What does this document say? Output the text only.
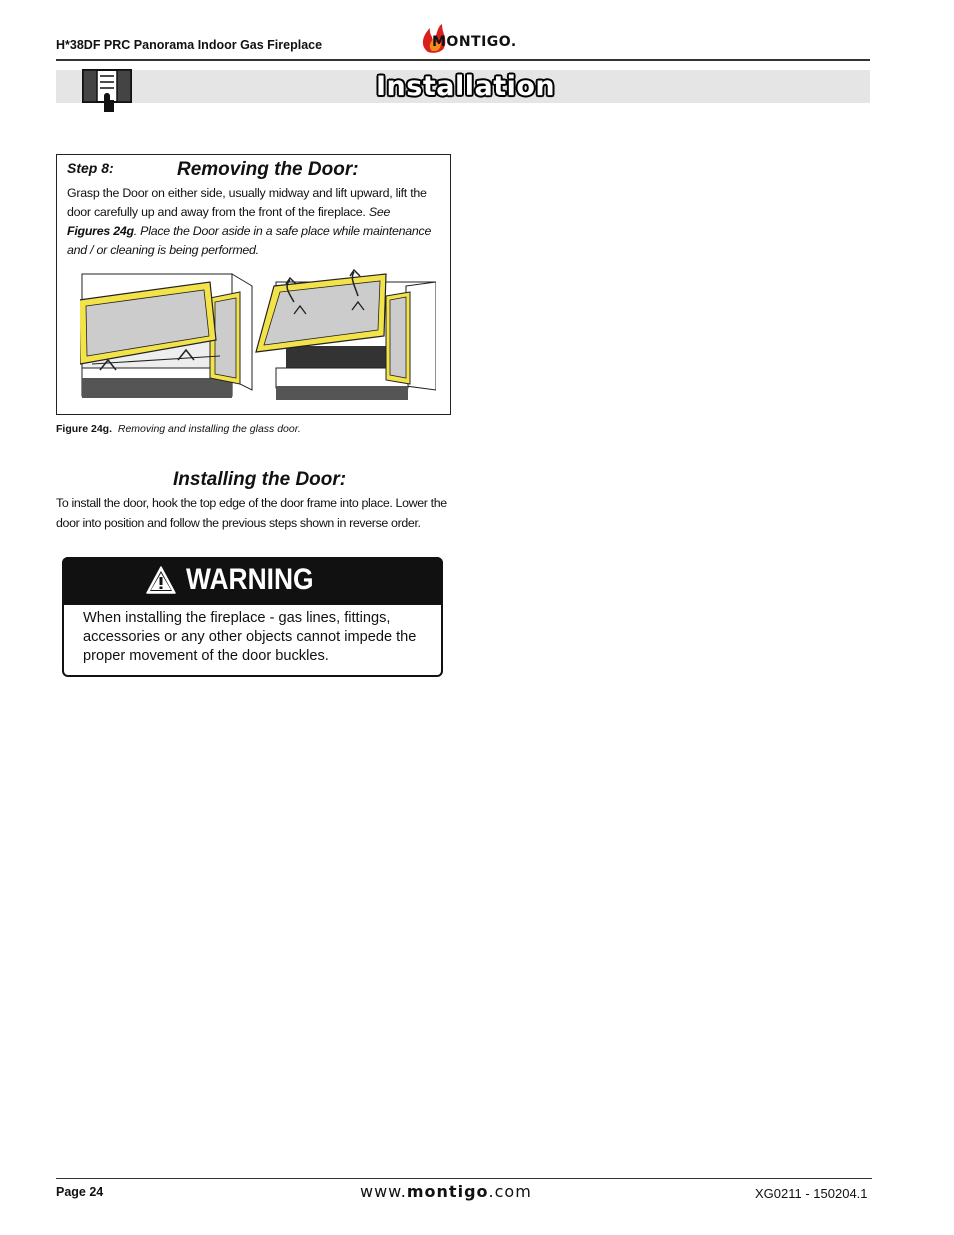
H*38DF PRC Panorama Indoor Gas Fireplace	MONTIGO.
Installation
Step 8:	Removing the Door:
Grasp the Door on either side, usually midway and lift upward, lift the door carefully up and away from the front of the fireplace. See Figures 24g. Place the Door aside in a safe place while maintenance and / or cleaning is being performed.
Figure 24g. Removing and installing the glass door.
Installing the Door:
To install the door, hook the top edge of the door frame into place. Lower the door into position and follow the previous steps shown in reverse order.
WARNING
When installing the fireplace - gas lines, fittings, accessories or any other objects cannot impede the proper movement of the door buckles.
Page 24	www.montigo.com	XG0211 - 150204.1
